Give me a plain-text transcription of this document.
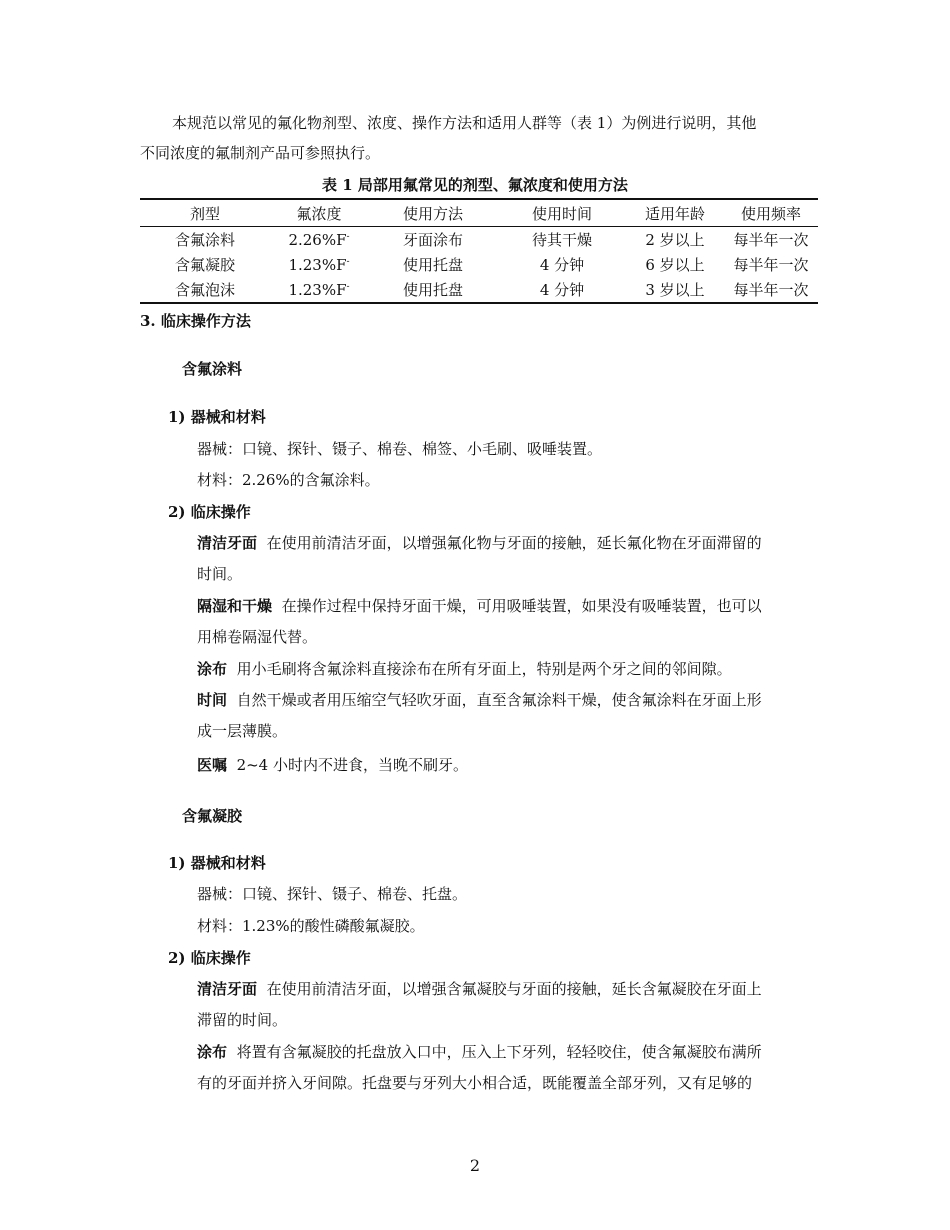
本规范以常见的氟化物剂型、浓度、操作方法和适用人群等（表 1）为例进行说明，其他

不同浓度的氟制剂产品可参照执行。

表 1 局部用氟常见的剂型、氟浓度和使用方法
剂型	氟浓度	使用方法	使用时间	适用年龄	使用频率
含氟涂料	2.26%F-	牙面涂布	待其干燥	2 岁以上	每半年一次
含氟凝胶	1.23%F-	使用托盘	4 分钟	6 岁以上	每半年一次
含氟泡沫	1.23%F-	使用托盘	4 分钟	3 岁以上	每半年一次

3. 临床操作方法

含氟涂料

1) 器械和材料

器械：口镜、探针、镊子、棉卷、棉签、小毛刷、吸唾装置。

材料：2.26%的含氟涂料。

2) 临床操作

清洁牙面 在使用前清洁牙面，以增强氟化物与牙面的接触，延长氟化物在牙面滞留的

时间。

隔湿和干燥 在操作过程中保持牙面干燥，可用吸唾装置，如果没有吸唾装置，也可以

用棉卷隔湿代替。

涂布 用小毛刷将含氟涂料直接涂布在所有牙面上，特别是两个牙之间的邻间隙。

时间 自然干燥或者用压缩空气轻吹牙面，直至含氟涂料干燥，使含氟涂料在牙面上形

成一层薄膜。

医嘱 2~4 小时内不进食，当晚不刷牙。

含氟凝胶

1) 器械和材料

器械：口镜、探针、镊子、棉卷、托盘。

材料：1.23%的酸性磷酸氟凝胶。

2) 临床操作

清洁牙面 在使用前清洁牙面，以增强含氟凝胶与牙面的接触，延长含氟凝胶在牙面上

滞留的时间。

涂布 将置有含氟凝胶的托盘放入口中，压入上下牙列，轻轻咬住，使含氟凝胶布满所

有的牙面并挤入牙间隙。托盘要与牙列大小相合适，既能覆盖全部牙列，又有足够的

2
